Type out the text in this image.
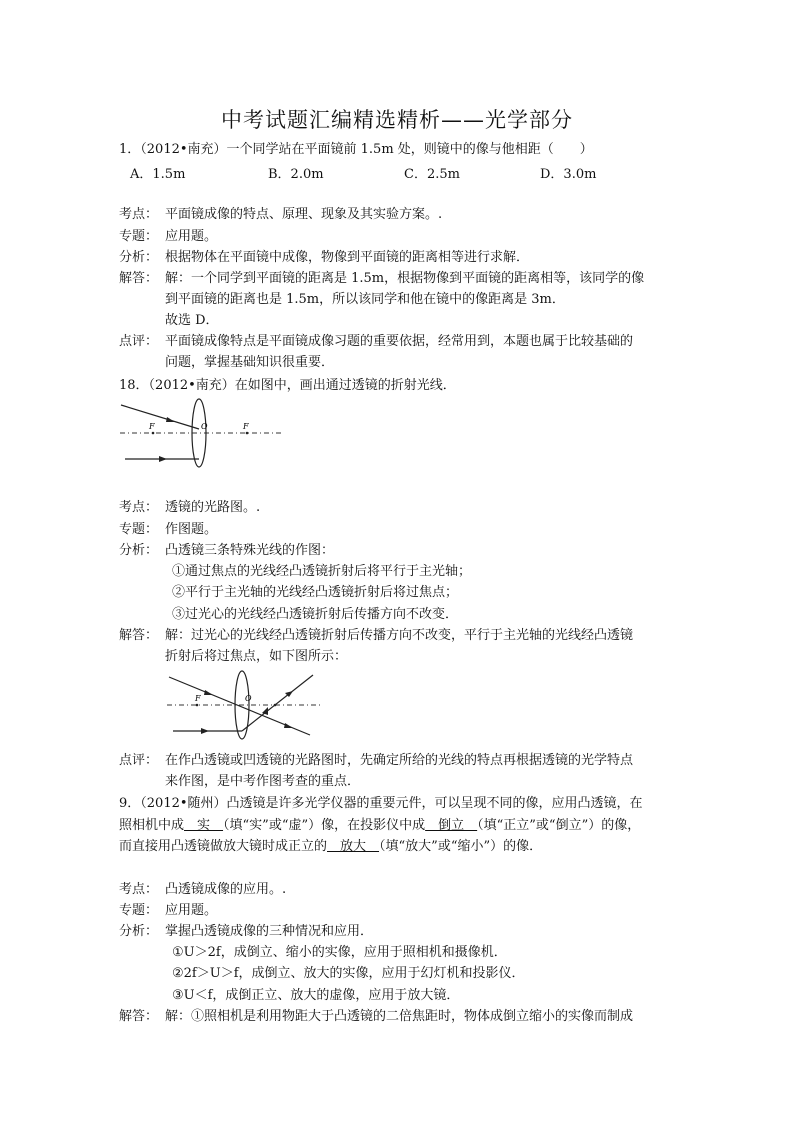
中考试题汇编精选精析——光学部分
1．（2012•南充）一个同学站在平面镜前 1.5m 处，则镜中的像与他相距（　　）
A．1.5m	B．2.0m	C．2.5m	D．3.0m
考点： 平面镜成像的特点、原理、现象及其实验方案。.
专题： 应用题。
分析： 根据物体在平面镜中成像，物像到平面镜的距离相等进行求解．
解答： 解：一个同学到平面镜的距离是 1.5m，根据物像到平面镜的距离相等，该同学的像
到平面镜的距离也是 1.5m，所以该同学和他在镜中的像距离是 3m．
故选 D．
点评： 平面镜成像特点是平面镜成像习题的重要依据，经常用到，本题也属于比较基础的
问题，掌握基础知识很重要．
18．（2012•南充）在如图中，画出通过透镜的折射光线．
F	O	F
考点： 透镜的光路图。.
专题： 作图题。
分析： 凸透镜三条特殊光线的作图：
①通过焦点的光线经凸透镜折射后将平行于主光轴；
②平行于主光轴的光线经凸透镜折射后将过焦点；
③过光心的光线经凸透镜折射后传播方向不改变．
解答： 解：过光心的光线经凸透镜折射后传播方向不改变，平行于主光轴的光线经凸透镜
折射后将过焦点，如下图所示：
F	O
点评： 在作凸透镜或凹透镜的光路图时，先确定所给的光线的特点再根据透镜的光学特点
来作图，是中考作图考查的重点．
9．（2012•随州）凸透镜是许多光学仪器的重要元件，可以呈现不同的像，应用凸透镜，在
照相机中成　实　（填“实”或“虚”）像，在投影仪中成　倒立　（填“正立”或“倒立”）的像，
而直接用凸透镜做放大镜时成正立的　放大　（填“放大”或“缩小”）的像．
考点： 凸透镜成像的应用。.
专题： 应用题。
分析： 掌握凸透镜成像的三种情况和应用．
①U＞2f，成倒立、缩小的实像，应用于照相机和摄像机．
②2f＞U＞f，成倒立、放大的实像，应用于幻灯机和投影仪．
③U＜f，成倒正立、放大的虚像，应用于放大镜．
解答： 解：①照相机是利用物距大于凸透镜的二倍焦距时，物体成倒立缩小的实像而制成
